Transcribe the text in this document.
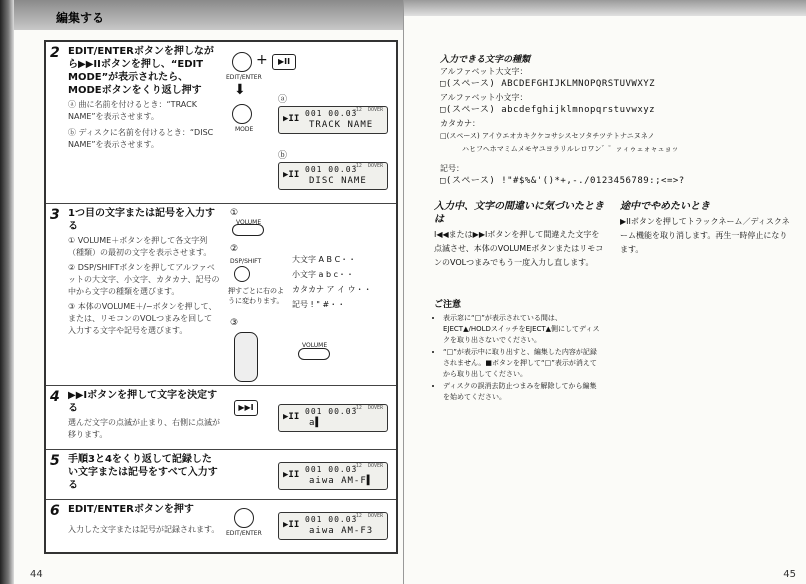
編集する
2 EDIT/ENTERボタンを押しながら▶▶IIボタンを押し、“EDIT MODE”が表示されたら、MODEボタンをくり返し押す
ⓐ 曲に名前を付けるとき：“TRACK NAME”を表示させます。
ⓑ ディスクに名前を付けるとき：“DISC NAME”を表示させます。
+	▶II
EDIT/ENTER
⬇
MODE
ⓐ
▶II
∼12  DOVER
001 00.03
TRACK NAME
ⓑ
▶II
∼12  DOVER
001 00.03
DISC NAME
3 1つ目の文字または記号を入力する
① VOLUME＋ボタンを押して各文字列（種類）の最初の文字を表示させます。
② DSP/SHIFTボタンを押してアルファベットの大文字、小文字、カタカナ、記号の中から文字の種類を選びます。
③ 本体のVOLUME＋/−ボタンを押して、または、リモコンのVOLつまみを回して入力する文字や記号を選びます。
①
VOLUME
②
DSP/SHIFT
押すごとに右のように変わります。
大文字 A B C・・
小文字 a b c・・
カタカナ ア イ ウ・・
記号 ! " #・・
③
VOLUME
4 ▶▶Iボタンを押して文字を決定する
選んだ文字の点滅が止まり、右側に点滅が移ります。
▶▶I
▶II
∼12  DOVER
001 00.03
a▌
5 手順3と4をくり返して記録したい文字または記号をすべて入力する
▶II
∼12  DOVER
001 00.03
aiwa AM-F▌
6 EDIT/ENTERボタンを押す
入力した文字または記号が記録されます。 EDIT/ENTER
▶II
∼12  DOVER
001 00.03
aiwa AM-F3
44
入力できる文字の種類
アルファベット大文字：
□(スペース) ABCDEFGHIJKLMNOPQRSTUVWXYZ
アルファベット小文字：
□(スペース) abcdefghijklmnopqrstuvwxyz
カタカナ：
□(スペース) アイウエオカキクケコサシスセソタチツテトナニヌネノ
ハヒフヘホマミムメモヤユヨラリルレロワン゛゜ァィゥェォャュョッ
記号：
□(スペース) !"#$%&'()*+,-./0123456789:;<=>?
入力中、文字の間違いに気づいたときは
I◀◀または▶▶Iボタンを押して間違えた文字を点滅させ、本体のVOLUMEボタンまたはリモコンのVOLつまみでもう一度入力し直します。
途中でやめたいとき
▶IIボタンを押してトラックネーム／ディスクネーム機能を取り消します。再生一時停止になります。
ご注意
• 表示窓に“□”が表示されている間は、EJECT▲/HOLDスイッチをEJECT▲側にしてディスクを取り出さないでください。
• “□”が表示中に取り出すと、編集した内容が記録されません。■ボタンを押して“□”表示が消えてから取り出してください。
• ディスクの誤消去防止つまみを解除してから編集を始めてください。
45
